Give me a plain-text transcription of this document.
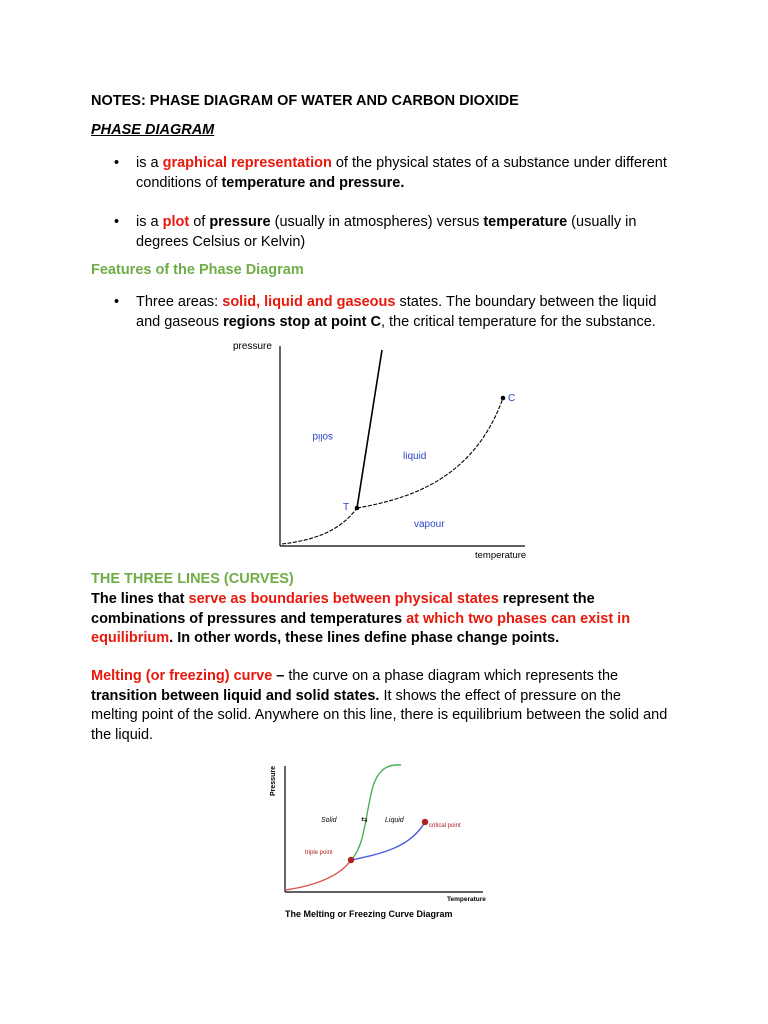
NOTES: PHASE DIAGRAM OF WATER AND CARBON DIOXIDE
PHASE DIAGRAM
• is a graphical representation of the physical states of a substance under different conditions of temperature and pressure.
• is a plot of pressure (usually in atmospheres) versus temperature (usually in degrees Celsius or Kelvin)
Features of the Phase Diagram
• Three areas: solid, liquid and gaseous states. The boundary between the liquid and gaseous regions stop at point C, the critical temperature for the substance.
pressure
temperature
solid
liquid
vapour
T
C
THE THREE LINES (CURVES)
The lines that serve as boundaries between physical states represent the combinations of pressures and temperatures at which two phases can exist in equilibrium. In other words, these lines define phase change points.
Melting (or freezing) curve – the curve on a phase diagram which represents the transition between liquid and solid states. It shows the effect of pressure on the melting point of the solid. Anywhere on this line, there is equilibrium between the solid and the liquid.
Pressure
Temperature
Solid	⇆ Liquid
triple point
critical point
The Melting or Freezing Curve Diagram
